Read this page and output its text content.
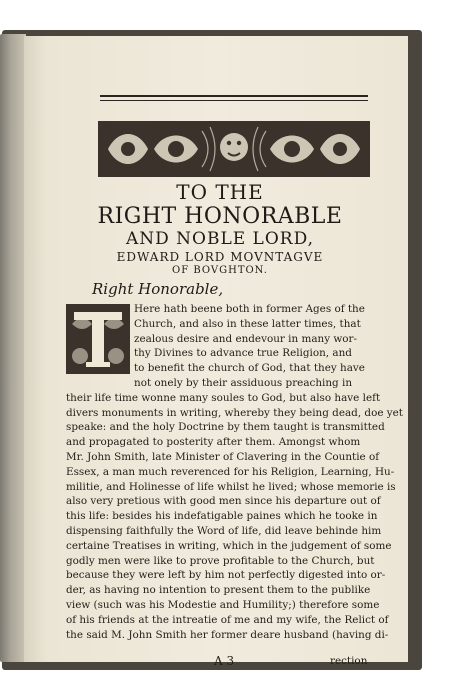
TO THE
RIGHT HONORABLE
AND NOBLE LORD,
EDWARD LORD MOVNTAGVE
OF BOVGHTON.
Right Honorable,
Here hath beene both in former Ages of the
Church, and also in these latter times, that
zealous desire and endevour in many wor-
thy Divines to advance true Religion, and
to benefit the church of God, that they have
not onely by their assiduous preaching in
their life time wonne many soules to God, but also have left
divers monuments in writing, whereby they being dead, doe yet
speake: and the holy Doctrine by them taught is transmitted
and propagated to posterity after them. Amongst whom
Mr. John Smith, late Minister of Clavering in the Countie of
Essex, a man much reverenced for his Religion, Learning, Hu-
militie, and Holinesse of life whilst he lived; whose memorie is
also very pretious with good men since his departure out of
this life: besides his indefatigable paines which he tooke in
dispensing faithfully the Word of life, did leave behinde him
certaine Treatises in writing, which in the judgement of some
godly men were like to prove profitable to the Church, but
because they were left by him not perfectly digested into or-
der, as having no intention to present them to the publike
view (such was his Modestie and Humility;) therefore some
of his friends at the intreatie of me and my wife, the Relict of
the said M. John Smith her former deare husband (having di-
A 3	rection
